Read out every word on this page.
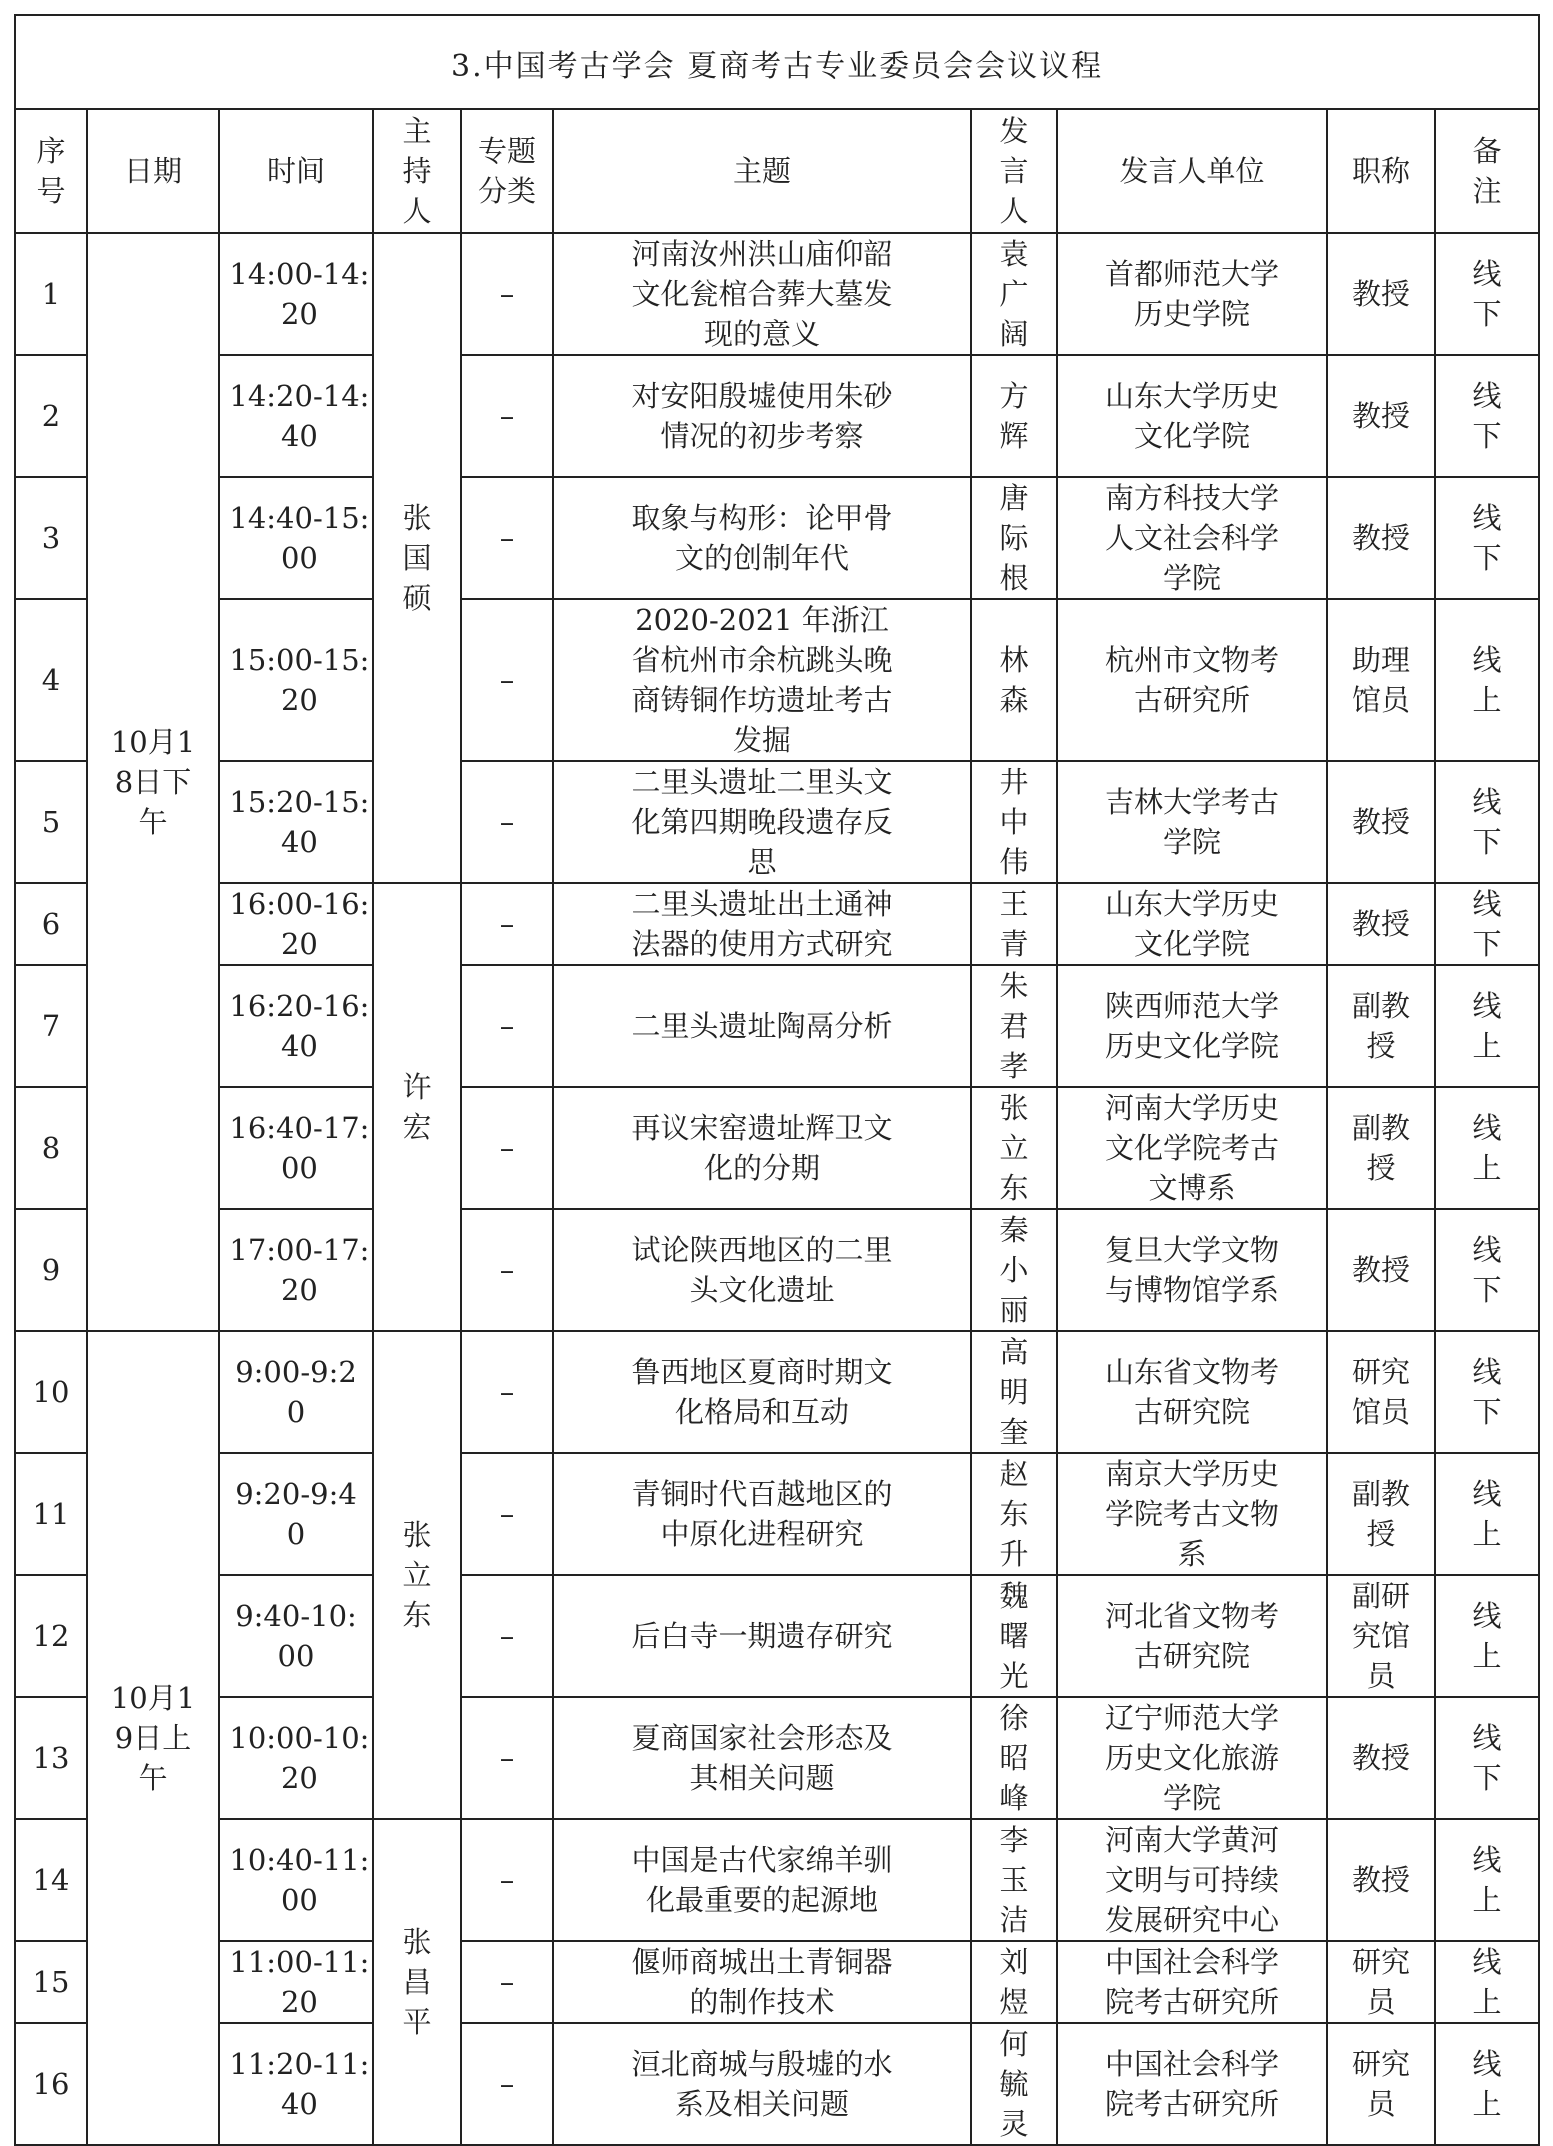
3.中国考古学会 夏商考古专业委员会会议议程									
序号	日期	时间	主持人	专题分类	主题	发言人	发言人单位	职称	备注
1	10月18日下午	14:00-14:20	张国硕	–	河南汝州洪山庙仰韶文化瓮棺合葬大墓发现的意义	袁广阔	首都师范大学历史学院	教授	线下
2		14:20-14:40		–	对安阳殷墟使用朱砂情况的初步考察	方辉	山东大学历史文化学院	教授	线下
3		14:40-15:00		–	取象与构形：论甲骨文的创制年代	唐际根	南方科技大学人文社会科学学院	教授	线下
4		15:00-15:20		–	2020-2021 年浙江省杭州市余杭跳头晚商铸铜作坊遗址考古发掘	林森	杭州市文物考古研究所	助理馆员	线上
5		15:20-15:40		–	二里头遗址二里头文化第四期晚段遗存反思	井中伟	吉林大学考古学院	教授	线下
6		16:00-16:20	许宏	–	二里头遗址出土通神法器的使用方式研究	王青	山东大学历史文化学院	教授	线下
7		16:20-16:40		–	二里头遗址陶鬲分析	朱君孝	陕西师范大学历史文化学院	副教授	线上
8		16:40-17:00		–	再议宋窑遗址辉卫文化的分期	张立东	河南大学历史文化学院考古文博系	副教授	线上
9		17:00-17:20		–	试论陕西地区的二里头文化遗址	秦小丽	复旦大学文物与博物馆学系	教授	线下
10	10月19日上午	9:00-9:20	张立东	–	鲁西地区夏商时期文化格局和互动	高明奎	山东省文物考古研究院	研究馆员	线下
11		9:20-9:40		–	青铜时代百越地区的中原化进程研究	赵东升	南京大学历史学院考古文物系	副教授	线上
12		9:40-10:00		–	后白寺一期遗存研究	魏曙光	河北省文物考古研究院	副研究馆员	线上
13		10:00-10:20		–	夏商国家社会形态及其相关问题	徐昭峰	辽宁师范大学历史文化旅游学院	教授	线下
14		10:40-11:00	张昌平	–	中国是古代家绵羊驯化最重要的起源地	李玉洁	河南大学黄河文明与可持续发展研究中心	教授	线上
15		11:00-11:20		–	偃师商城出土青铜器的制作技术	刘煜	中国社会科学院考古研究所	研究员	线上
16		11:20-11:40		–	洹北商城与殷墟的水系及相关问题	何毓灵	中国社会科学院考古研究所	研究员	线上
